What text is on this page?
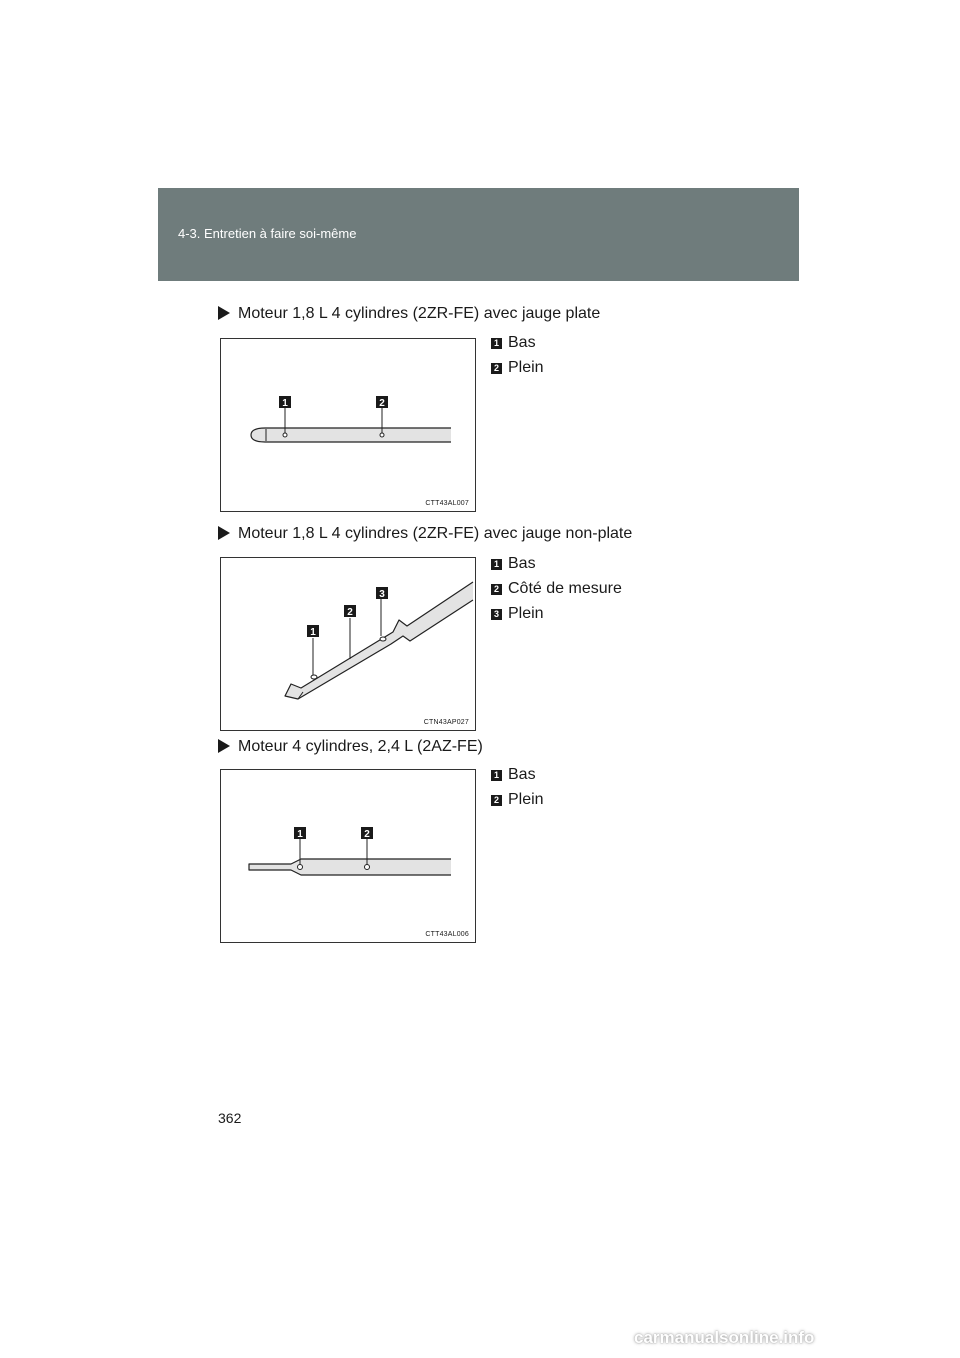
4-3. Entretien à faire soi-même
Moteur 1,8 L 4 cylindres (2ZR-FE) avec jauge plate
1	2
CTT43AL007
1 Bas
2 Plein
Moteur 1,8 L 4 cylindres (2ZR-FE) avec jauge non-plate
1
2
3
CTN43AP027
1 Bas
2 Côté de mesure
3 Plein
Moteur 4 cylindres, 2,4 L (2AZ-FE)
1	2
CTT43AL006
1 Bas
2 Plein
362
carmanualsonline.info
